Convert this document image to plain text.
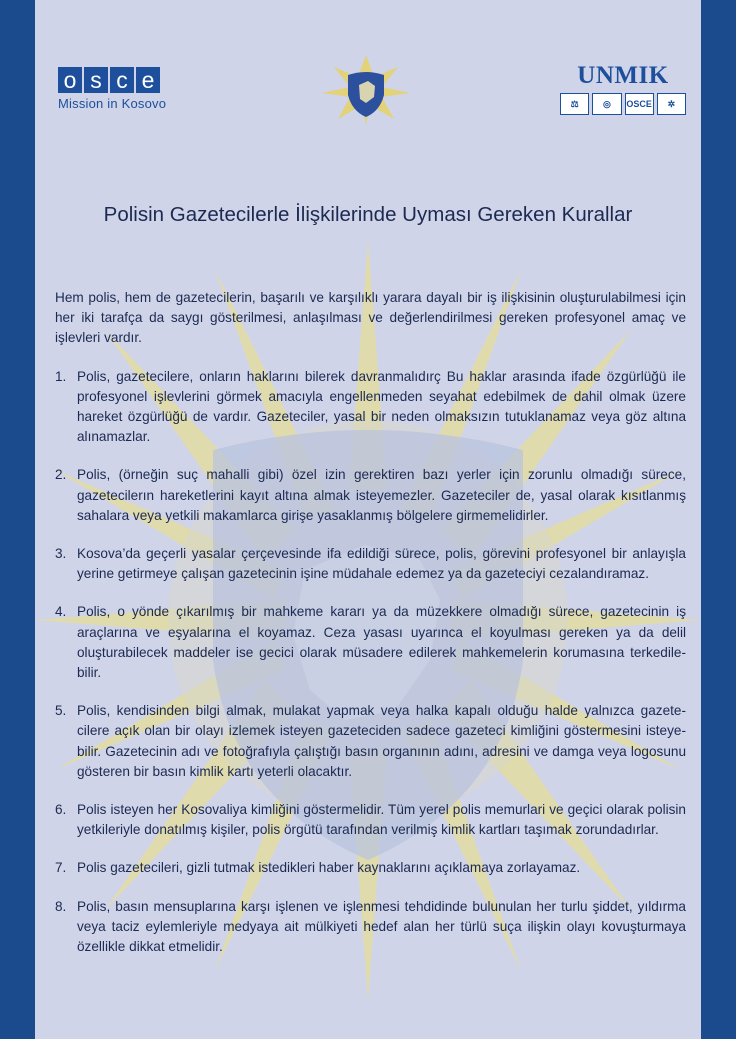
o s c e
Mission in Kosovo
UNMIK
⚖	◎	OSCE	✲
Polisin Gazetecilerle İlişkilerinde Uyması Gereken Kurallar

Hem polis, hem de gazetecilerin, başarılı ve karşılıklı yarara dayalı bir iş ilişkisinin oluşturulabilmesi için her iki tarafça da saygı gösterilmesi, anlaşılması ve değerlendirilmesi gereken profesyonel amaç ve işlevleri vardır.

1. Polis, gazetecilere, onların haklarını bilerek davranmalıdırç Bu haklar arasında ifade özgürlüğü ile profesyonel işlevlerini görmek amacıyla engellenmeden seyahat edebilmek de dahil olmak üzere hareket özgürlüğü de vardır. Gazeteciler, yasal bir neden olmaksızın tutuklanamaz veya göz altına alınamazlar.
2. Polis, (örneğin suç mahalli gibi) özel izin gerektiren bazı yerler için zorunlu olmadığı sürece, gazetecilerın hareketlerini kayıt altına almak isteyemezler. Gazeteciler de, yasal olarak kısıtlanmış sahalara veya yetkili makamlarca girişe yasaklanmış bölgelere girmemelidirler.
3. Kosova’da geçerli yasalar çerçevesinde ifa edildiği sürece, polis, görevini profesyonel bir anlayışla yerine getirmeye çalışan gazetecinin işine müdahale edemez ya da gazeteciyi cezalandıramaz.
4. Polis, o yönde çıkarılmış bir mahkeme kararı ya da müzekkere olmadığı sürece, gazetecinin iş araçlarına ve eşyalarına el koyamaz. Ceza yasası uyarınca el koyulması gereken ya da delil oluşturabilecek maddeler ise gecici olarak müsadere edilerek mahkemelerin korumasına terkedile-bilir.
5. Polis, kendisinden bilgi almak, mulakat yapmak veya halka kapalı olduğu halde yalnızca gazete-cilere açık olan bir olayı izlemek isteyen gazeteciden sadece gazeteci kimliğini göstermesini isteye-bilir. Gazetecinin adı ve fotoğrafıyla çalıştığı basın organının adını, adresini ve damga veya logosunu gösteren bir basın kimlik kartı yeterli olacaktır.
6. Polis isteyen her Kosovaliya kimliğini göstermelidir. Tüm yerel polis memurlari ve geçici olarak polisin yetkileriyle donatılmış kişiler, polis örgütü tarafından verilmiş kimlik kartları taşımak zorundadırlar.
7. Polis gazetecileri, gizli tutmak istedikleri haber kaynaklarını açıklamaya zorlayamaz.
8. Polis, basın mensuplarına karşı işlenen ve işlenmesi tehdidinde bulunulan her turlu şiddet, yıldırma veya taciz eylemleriyle medyaya ait mülkiyeti hedef alan her türlü suça ilişkin olayı kovuşturmaya özellikle dikkat etmelidir.
